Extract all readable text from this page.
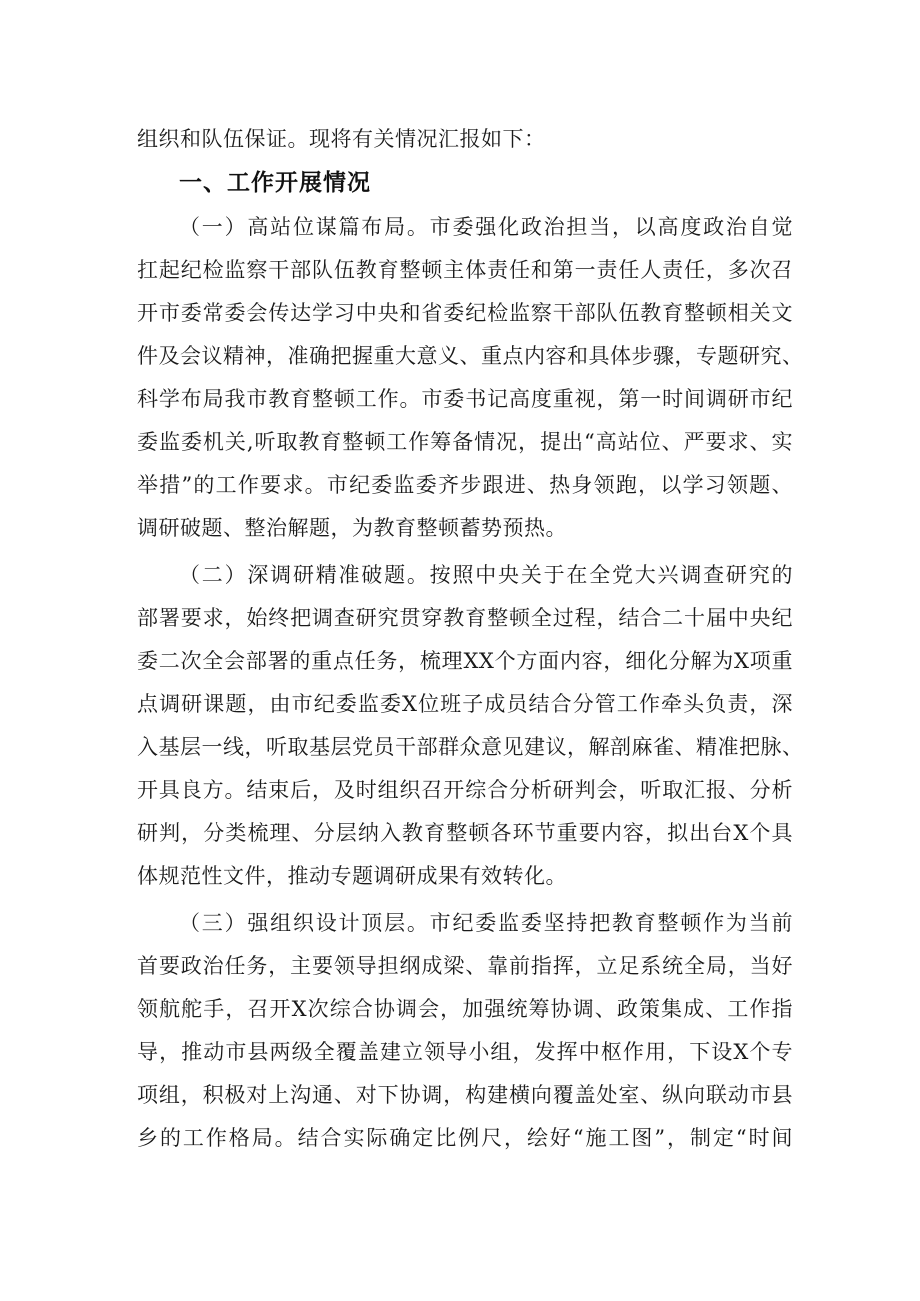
组织和队伍保证。现将有关情况汇报如下：
一、工作开展情况
（一）高站位谋篇布局。市委强化政治担当，以高度政治自觉
扛起纪检监察干部队伍教育整顿主体责任和第一责任人责任，多次召
开市委常委会传达学习中央和省委纪检监察干部队伍教育整顿相关文
件及会议精神，准确把握重大意义、重点内容和具体步骤，专题研究、
科学布局我市教育整顿工作。市委书记高度重视，第一时间调研市纪
委监委机关,听取教育整顿工作筹备情况，提出“高站位、严要求、实
举措”的工作要求。市纪委监委齐步跟进、热身领跑，以学习领题、
调研破题、整治解题，为教育整顿蓄势预热。
（二）深调研精准破题。按照中央关于在全党大兴调查研究的
部署要求，始终把调查研究贯穿教育整顿全过程，结合二十届中央纪
委二次全会部署的重点任务，梳理XX个方面内容，细化分解为X项重
点调研课题，由市纪委监委X位班子成员结合分管工作牵头负责，深
入基层一线，听取基层党员干部群众意见建议，解剖麻雀、精准把脉、
开具良方。结束后，及时组织召开综合分析研判会，听取汇报、分析
研判，分类梳理、分层纳入教育整顿各环节重要内容，拟出台X个具
体规范性文件，推动专题调研成果有效转化。
（三）强组织设计顶层。市纪委监委坚持把教育整顿作为当前
首要政治任务，主要领导担纲成梁、靠前指挥，立足系统全局，当好
领航舵手，召开X次综合协调会，加强统筹协调、政策集成、工作指
导，推动市县两级全覆盖建立领导小组，发挥中枢作用，下设X个专
项组，积极对上沟通、对下协调，构建横向覆盖处室、纵向联动市县
乡的工作格局。结合实际确定比例尺，绘好“施工图”，制定“时间
